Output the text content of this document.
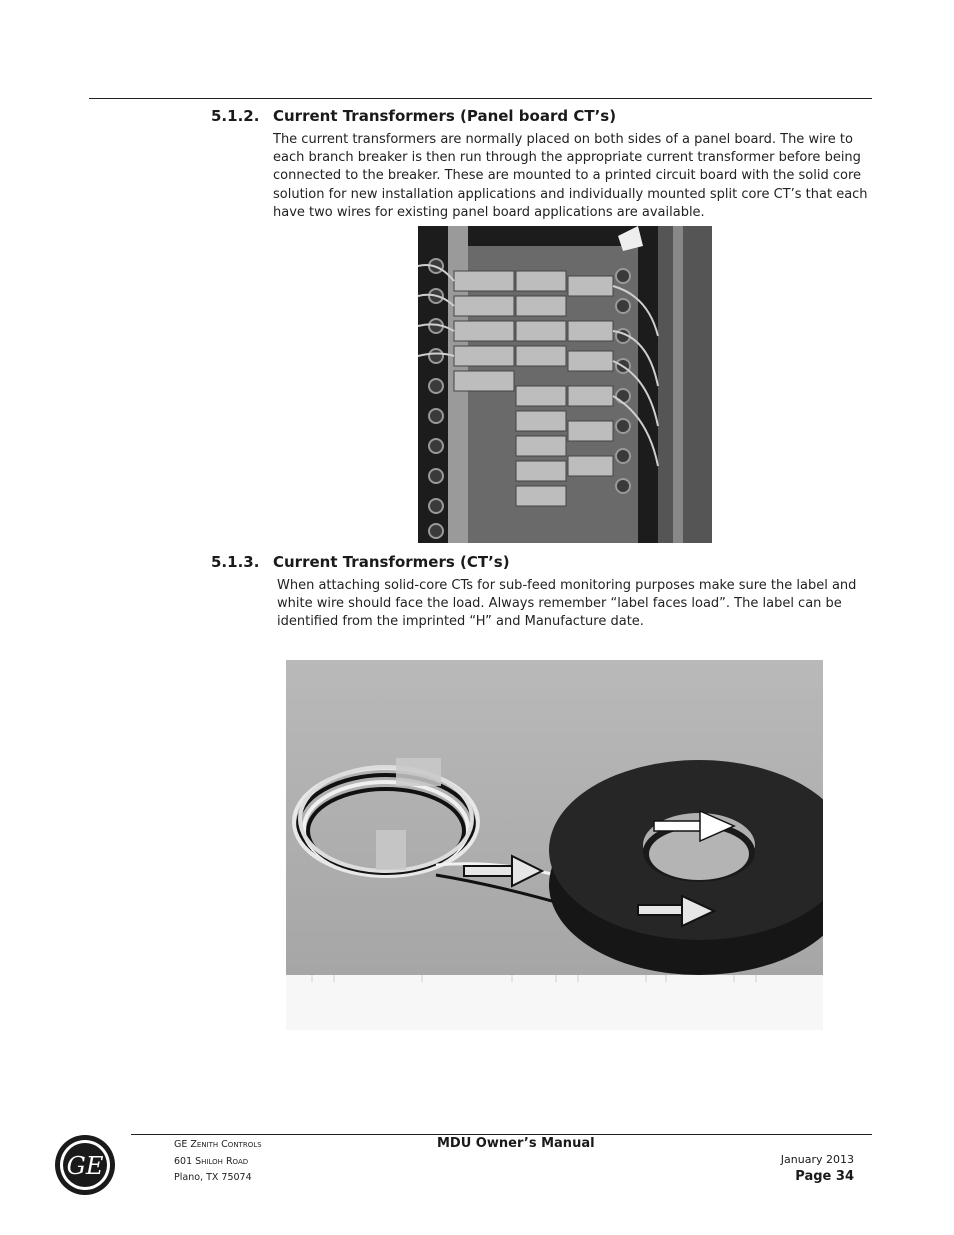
5.1.2. Current Transformers (Panel board CT’s)
The current transformers are normally placed on both sides of a panel board. The wire to each branch breaker is then run through the appropriate current transformer before being connected to the breaker. These are mounted to a printed circuit board with the solid core solution for new installation applications and individually mounted split core CT’s that each have two wires for existing panel board applications are available.
5.1.3. Current Transformers (CT’s)
When attaching solid-core CTs for sub-feed monitoring purposes make sure the label and white wire should face the load. Always remember “label faces load”. The label can be identified from the imprinted “H” and Manufacture date.
GE
GE Zenith Controls
601 Shiloh Road
Plano, TX 75074
MDU Owner’s Manual
January 2013
Page 34
